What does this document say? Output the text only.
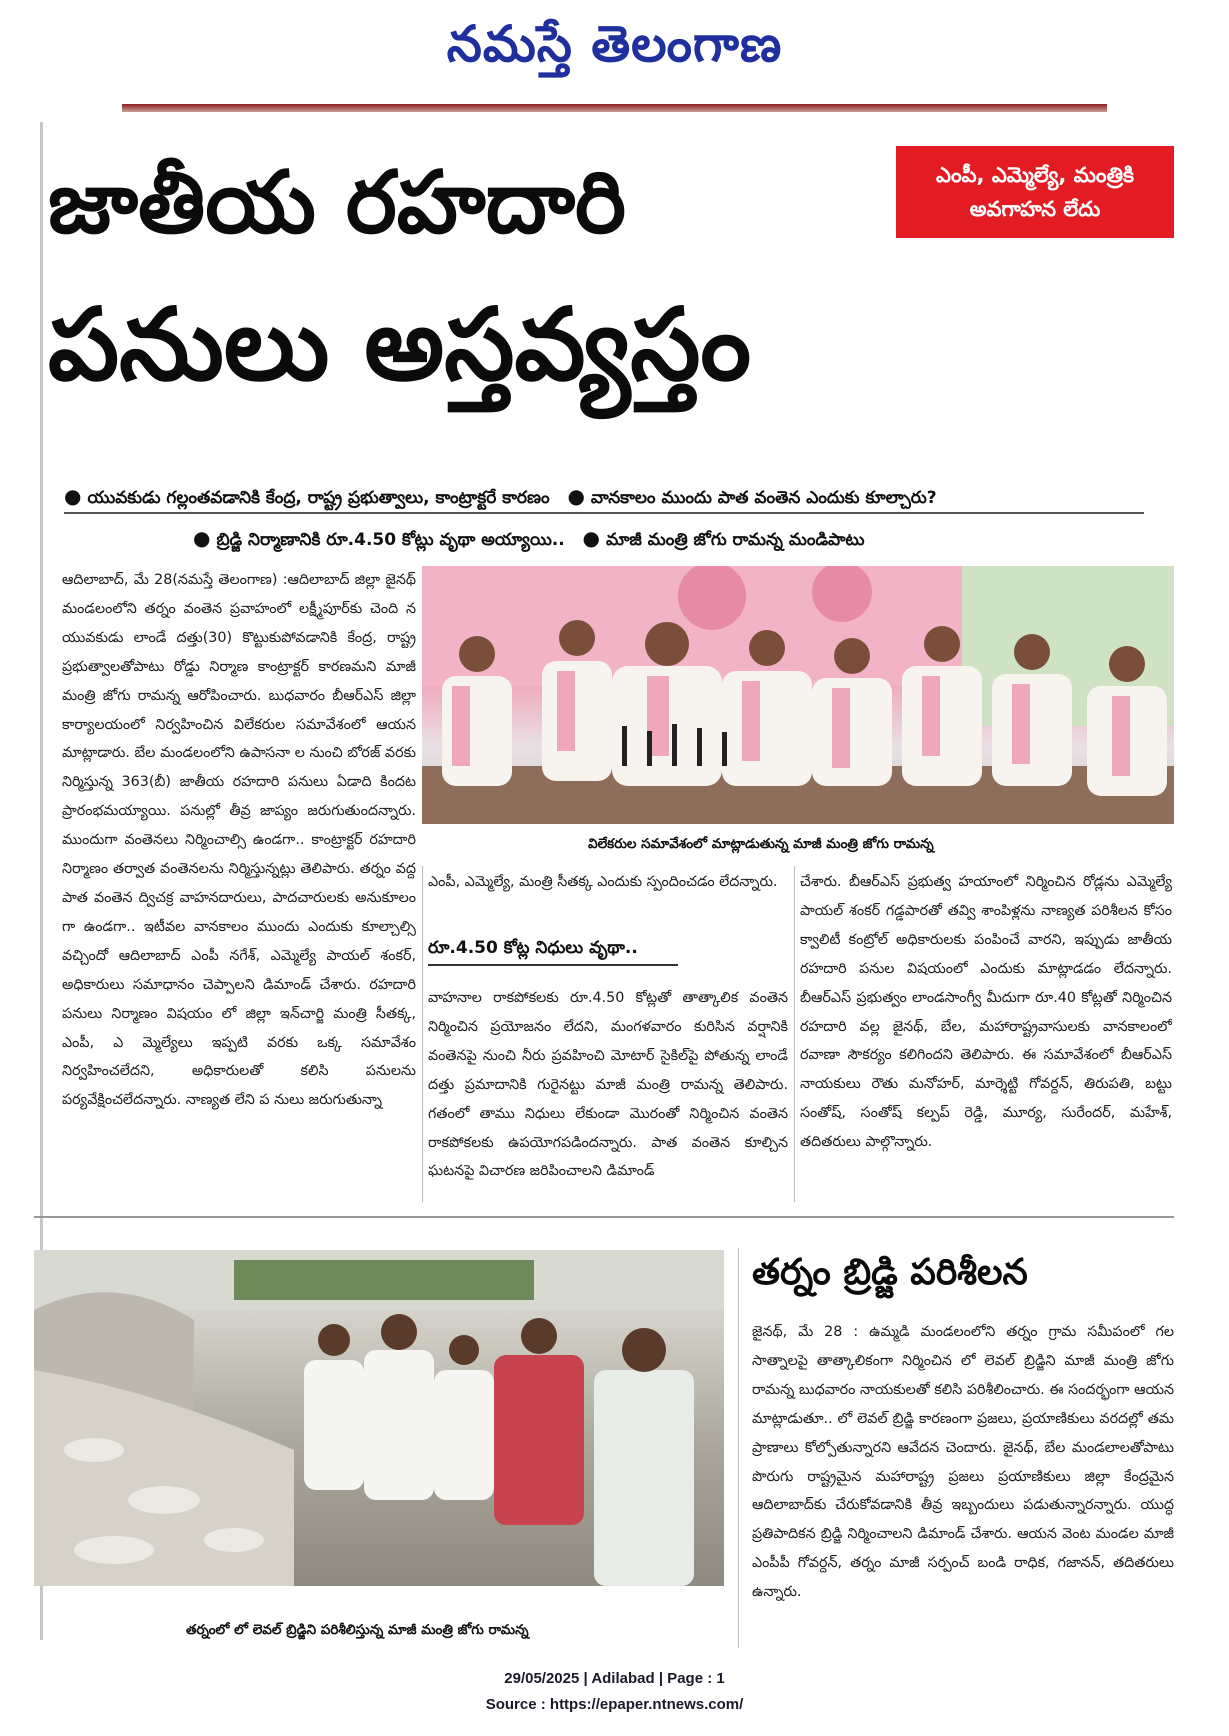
నమస్తే తెలంగాణ
జాతీయ రహదారి
పనులు అస్తవ్యస్తం
ఎంపీ, ఎమ్మెల్యే, మంత్రికి
అవగాహన లేదు
● యువకుడు గల్లంతవడానికి కేంద్ర, రాష్ట్ర ప్రభుత్వాలు, కాంట్రాక్టరే కారణం ● వానకాలం ముందు పాత వంతెన ఎందుకు కూల్చారు?
● బ్రిడ్జి నిర్మాణానికి రూ.4.50 కోట్లు వృథా అయ్యాయి.. ● మాజీ మంత్రి జోగు రామన్న మండిపాటు
ఆదిలాబాద్, మే 28(నమస్తే తెలంగాణ) :ఆదిలాబాద్ జిల్లా జైనథ్ మండలంలోని తర్నం వంతెన ప్రవాహంలో లక్ష్మీపూర్‌కు చెంది న యువకుడు లాండే దత్తు(30) కొట్టుకుపోవడానికి కేంద్ర, రాష్ట్ర ప్రభుత్వాలతోపాటు రోడ్డు నిర్మాణ కాంట్రాక్టర్ కారణమని మాజీ మంత్రి జోగు రామన్న ఆరోపించారు. బుధవారం బీఆర్ఎస్ జిల్లా కార్యాలయంలో నిర్వహించిన విలేకరుల సమావేశంలో ఆయన మాట్లాడారు. బేల మండలంలోని ఉపాసనా ల నుంచి బోరజ్ వరకు నిర్మిస్తున్న 363(బీ) జాతీయ రహదారి పనులు ఏడాది కిందట ప్రారంభమయ్యాయి. పనుల్లో తీవ్ర జాప్యం జరుగుతుందన్నారు. ముందుగా వంతెనలు నిర్మించాల్సి ఉండగా.. కాంట్రాక్టర్ రహదారి నిర్మాణం తర్వాత వంతెనలను నిర్మిస్తున్నట్లు తెలిపారు. తర్నం వద్ద పాత వంతెన ద్విచక్ర వాహనదారులు, పాదచారులకు అనుకూలం గా ఉండగా.. ఇటీవల వానకాలం ముందు ఎందుకు కూల్చాల్సి వచ్చిందో ఆదిలాబాద్ ఎంపీ నగేశ్, ఎమ్మెల్యే పాయల్ శంకర్, అధికారులు సమాధానం చెప్పాలని డిమాండ్ చేశారు. రహదారి పనులు నిర్మాణం విషయం లో జిల్లా ఇన్‌చార్జి మంత్రి సీతక్క, ఎంపీ, ఎ మ్మెల్యేలు ఇప్పటి వరకు ఒక్క సమావేశం నిర్వహించలేదని, అధికారులతో కలిసి పనులను పర్యవేక్షించలేదన్నారు. నాణ్యత లేని ప నులు జరుగుతున్నా
విలేకరుల సమావేశంలో మాట్లాడుతున్న మాజీ మంత్రి జోగు రామన్న
ఎంపీ, ఎమ్మెల్యే, మంత్రి సీతక్క ఎందుకు స్పందించడం లేదన్నారు.
రూ.4.50 కోట్ల నిధులు వృథా..
వాహనాల రాకపోకలకు రూ.4.50 కోట్లతో తాత్కాలిక వంతెన నిర్మించిన ప్రయోజనం లేదని, మంగళవారం కురిసిన వర్షానికి వంతెనపై నుంచి నీరు ప్రవహించి మోటార్ సైకిల్‌పై పోతున్న లాండే దత్తు ప్రమాదానికి గురైనట్టు మాజీ మంత్రి రామన్న తెలిపారు. గతంలో తాము నిధులు లేకుండా మొరంతో నిర్మించిన వంతెన రాకపోకలకు ఉపయోగపడిందన్నారు. పాత వంతెన కూల్చిన ఘటనపై విచారణ జరిపించాలని డిమాండ్
చేశారు. బీఆర్ఎస్ ప్రభుత్వ హయాంలో నిర్మించిన రోడ్లను ఎమ్మెల్యే పాయల్ శంకర్ గడ్డపారతో తవ్వి శాంపిళ్లను నాణ్యత పరిశీలన కోసం క్వాలిటీ కంట్రోల్ అధికారులకు పంపించే వారని, ఇప్పుడు జాతీయ రహదారి పనుల విషయంలో ఎందుకు మాట్లాడడం లేదన్నారు. బీఆర్ఎస్ ప్రభుత్వం లాండసాంగ్వీ మీదుగా రూ.40 కోట్లతో నిర్మించిన రహదారి వల్ల జైనథ్, బేల, మహారాష్ట్రవాసులకు వానకాలంలో రవాణా సౌకర్యం కలిగిందని తెలిపారు. ఈ సమావేశంలో బీఆర్ఎస్ నాయకులు రౌతు మనోహర్, మార్శెట్టి గోవర్దన్, తిరుపతి, బట్టు సంతోష్, సంతోష్ కల్పప్ రెడ్డి, మూర్య, సురేందర్, మహేశ్, తదితరులు పాల్గొన్నారు.
తర్నంలో లో లెవల్ బ్రిడ్జిని పరిశీలిస్తున్న మాజీ మంత్రి జోగు రామన్న
తర్నం బ్రిడ్జి పరిశీలన
జైనథ్, మే 28 : ఉమ్మడి మండలంలోని తర్నం గ్రామ సమీపంలో గల సాత్నాలపై తాత్కాలికంగా నిర్మించిన లో లెవల్ బ్రిడ్జిని మాజీ మంత్రి జోగు రామన్న బుధవారం నాయకులతో కలిసి పరిశీలించారు. ఈ సందర్భంగా ఆయన మాట్లాడుతూ.. లో లెవల్ బ్రిడ్జి కారణంగా ప్రజలు, ప్రయాణికులు వరదల్లో తమ ప్రాణాలు కోల్పోతున్నారని ఆవేదన చెందారు. జైనథ్, బేల మండలాలతోపాటు పొరుగు రాష్ట్రమైన మహారాష్ట్ర ప్రజలు ప్రయాణికులు జిల్లా కేంద్రమైన ఆదిలాబాద్‌కు చేరుకోవడానికి తీవ్ర ఇబ్బందులు పడుతున్నారన్నారు. యుద్ధ ప్రతిపాదికన బ్రిడ్జి నిర్మించాలని డిమాండ్ చేశారు. ఆయన వెంట మండల మాజీ ఎంపీపీ గోవర్దన్, తర్నం మాజీ సర్పంచ్ బండి రాధిక, గజానన్, తదితరులు ఉన్నారు.
29/05/2025 | Adilabad | Page : 1
Source : https://epaper.ntnews.com/
